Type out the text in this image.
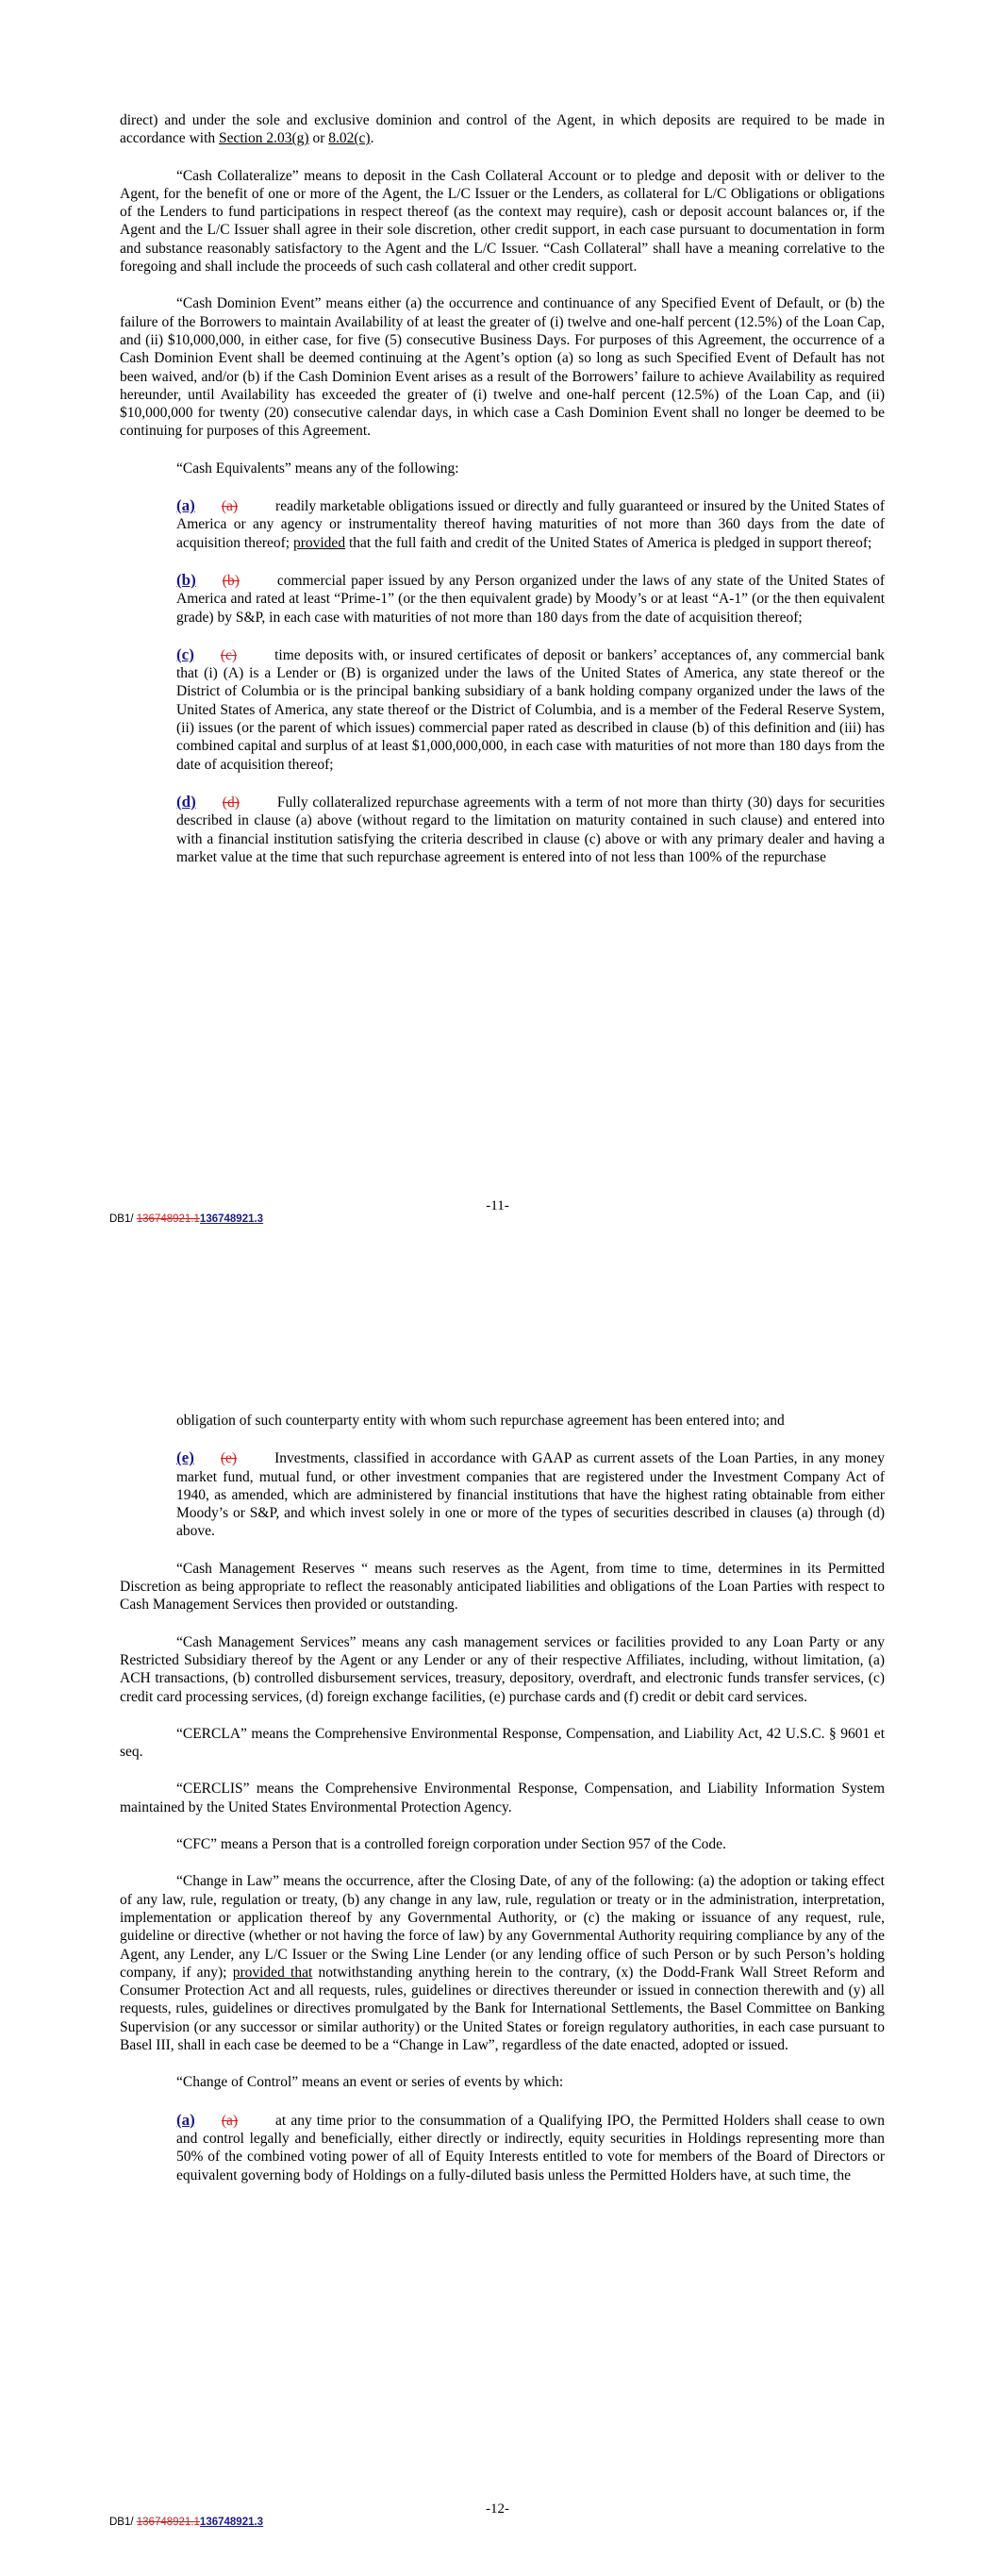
direct) and under the sole and exclusive dominion and control of the Agent, in which deposits are required to be made in accordance with Section 2.03(g) or 8.02(c).

“Cash Collateralize” means to deposit in the Cash Collateral Account or to pledge and deposit with or deliver to the Agent, for the benefit of one or more of the Agent, the L/C Issuer or the Lenders, as collateral for L/C Obligations or obligations of the Lenders to fund participations in respect thereof (as the context may require), cash or deposit account balances or, if the Agent and the L/C Issuer shall agree in their sole discretion, other credit support, in each case pursuant to documentation in form and substance reasonably satisfactory to the Agent and the L/C Issuer. “Cash Collateral” shall have a meaning correlative to the foregoing and shall include the proceeds of such cash collateral and other credit support.

“Cash Dominion Event” means either (a) the occurrence and continuance of any Specified Event of Default, or (b) the failure of the Borrowers to maintain Availability of at least the greater of (i) twelve and one-half percent (12.5%) of the Loan Cap, and (ii) $10,000,000, in either case, for five (5) consecutive Business Days. For purposes of this Agreement, the occurrence of a Cash Dominion Event shall be deemed continuing at the Agent’s option (a) so long as such Specified Event of Default has not been waived, and/or (b) if the Cash Dominion Event arises as a result of the Borrowers’ failure to achieve Availability as required hereunder, until Availability has exceeded the greater of (i) twelve and one-half percent (12.5%) of the Loan Cap, and (ii) $10,000,000 for twenty (20) consecutive calendar days, in which case a Cash Dominion Event shall no longer be deemed to be continuing for purposes of this Agreement.

“Cash Equivalents” means any of the following:

(a) (a)	readily marketable obligations issued or directly and fully guaranteed or insured by the United States of America or any agency or instrumentality thereof having maturities of not more than 360 days from the date of acquisition thereof; provided that the full faith and credit of the United States of America is pledged in support thereof;

(b) (b)	commercial paper issued by any Person organized under the laws of any state of the United States of America and rated at least “Prime-1” (or the then equivalent grade) by Moody’s or at least “A-1” (or the then equivalent grade) by S&P, in each case with maturities of not more than 180 days from the date of acquisition thereof;

(c) (c)	time deposits with, or insured certificates of deposit or bankers’ acceptances of, any commercial bank that (i) (A) is a Lender or (B) is organized under the laws of the United States of America, any state thereof or the District of Columbia or is the principal banking subsidiary of a bank holding company organized under the laws of the United States of America, any state thereof or the District of Columbia, and is a member of the Federal Reserve System, (ii) issues (or the parent of which issues) commercial paper rated as described in clause (b) of this definition and (iii) has combined capital and surplus of at least $1,000,000,000, in each case with maturities of not more than 180 days from the date of acquisition thereof;

(d) (d)	Fully collateralized repurchase agreements with a term of not more than thirty (30) days for securities described in clause (a) above (without regard to the limitation on maturity contained in such clause) and entered into with a financial institution satisfying the criteria described in clause (c) above or with any primary dealer and having a market value at the time that such repurchase agreement is entered into of not less than 100% of the repurchase

-11-
DB1/ 136748921.1136748921.3

obligation of such counterparty entity with whom such repurchase agreement has been entered into; and

(e) (e)	Investments, classified in accordance with GAAP as current assets of the Loan Parties, in any money market fund, mutual fund, or other investment companies that are registered under the Investment Company Act of 1940, as amended, which are administered by financial institutions that have the highest rating obtainable from either Moody’s or S&P, and which invest solely in one or more of the types of securities described in clauses (a) through (d) above.

“Cash Management Reserves “ means such reserves as the Agent, from time to time, determines in its Permitted Discretion as being appropriate to reflect the reasonably anticipated liabilities and obligations of the Loan Parties with respect to Cash Management Services then provided or outstanding.

“Cash Management Services” means any cash management services or facilities provided to any Loan Party or any Restricted Subsidiary thereof by the Agent or any Lender or any of their respective Affiliates, including, without limitation, (a) ACH transactions, (b) controlled disbursement services, treasury, depository, overdraft, and electronic funds transfer services, (c) credit card processing services, (d) foreign exchange facilities, (e) purchase cards and (f) credit or debit card services.

“CERCLA” means the Comprehensive Environmental Response, Compensation, and Liability Act, 42 U.S.C. § 9601 et seq.

“CERCLIS” means the Comprehensive Environmental Response, Compensation, and Liability Information System maintained by the United States Environmental Protection Agency.

“CFC” means a Person that is a controlled foreign corporation under Section 957 of the Code.

“Change in Law” means the occurrence, after the Closing Date, of any of the following: (a) the adoption or taking effect of any law, rule, regulation or treaty, (b) any change in any law, rule, regulation or treaty or in the administration, interpretation, implementation or application thereof by any Governmental Authority, or (c) the making or issuance of any request, rule, guideline or directive (whether or not having the force of law) by any Governmental Authority requiring compliance by any of the Agent, any Lender, any L/C Issuer or the Swing Line Lender (or any lending office of such Person or by such Person’s holding company, if any); provided that notwithstanding anything herein to the contrary, (x) the Dodd-Frank Wall Street Reform and Consumer Protection Act and all requests, rules, guidelines or directives thereunder or issued in connection therewith and (y) all requests, rules, guidelines or directives promulgated by the Bank for International Settlements, the Basel Committee on Banking Supervision (or any successor or similar authority) or the United States or foreign regulatory authorities, in each case pursuant to Basel III, shall in each case be deemed to be a “Change in Law”, regardless of the date enacted, adopted or issued.

“Change of Control” means an event or series of events by which:

(a) (a)	at any time prior to the consummation of a Qualifying IPO, the Permitted Holders shall cease to own and control legally and beneficially, either directly or indirectly, equity securities in Holdings representing more than 50% of the combined voting power of all of Equity Interests entitled to vote for members of the Board of Directors or equivalent governing body of Holdings on a fully-diluted basis unless the Permitted Holders have, at such time, the

-12-
DB1/ 136748921.1136748921.3
